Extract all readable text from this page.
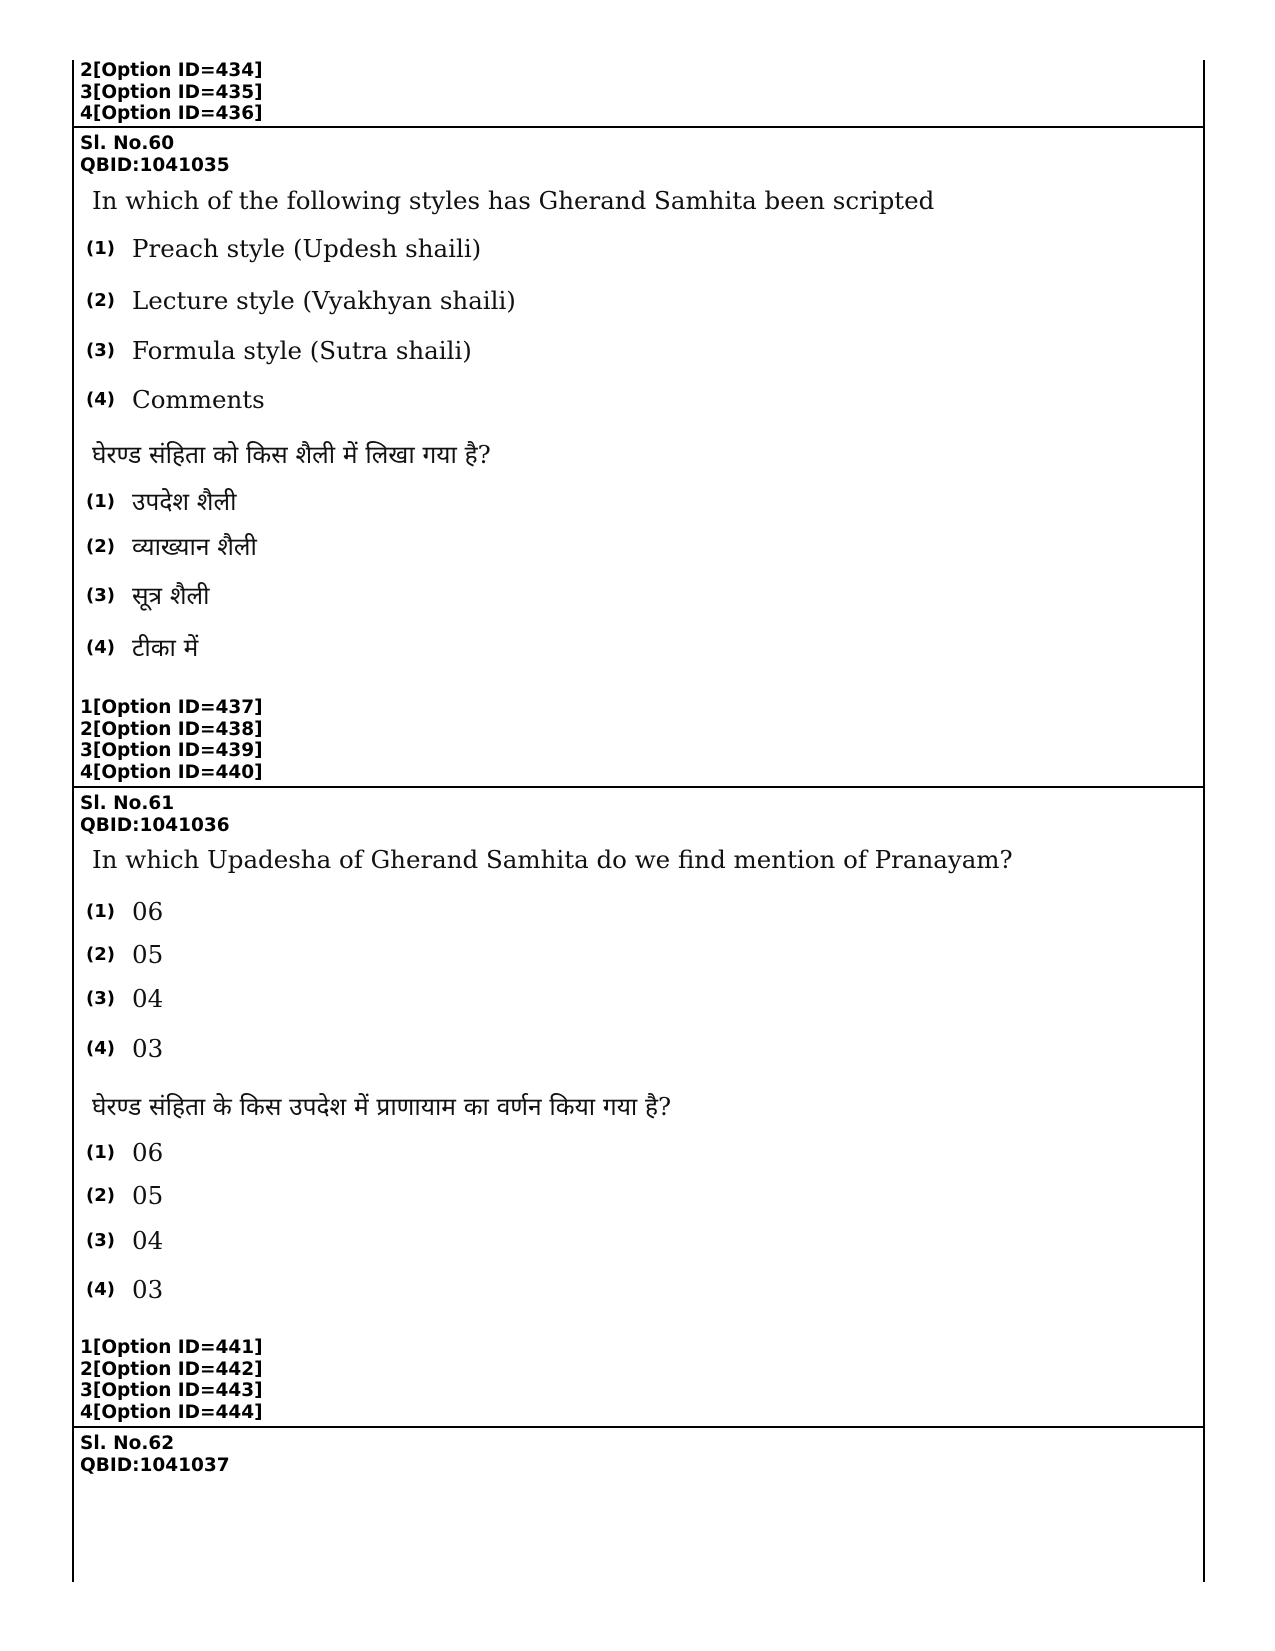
2[Option ID=434]
3[Option ID=435]
4[Option ID=436]
Sl. No.60
QBID:1041035
In which of the following styles has Gherand Samhita been scripted
(1) Preach style (Updesh shaili)
(2) Lecture style (Vyakhyan shaili)
(3) Formula style (Sutra shaili)
(4) Comments
घेरण्ड संहिता को किस शैली में लिखा गया है?
(1) उपदेश शैली
(2) व्याख्यान शैली
(3) सूत्र शैली
(4) टीका में
1[Option ID=437]
2[Option ID=438]
3[Option ID=439]
4[Option ID=440]
Sl. No.61
QBID:1041036
In which Upadesha of Gherand Samhita do we find mention of Pranayam?
(1) 06
(2) 05
(3) 04
(4) 03
घेरण्ड संहिता के किस उपदेश में प्राणायाम का वर्णन किया गया है?
(1) 06
(2) 05
(3) 04
(4) 03
1[Option ID=441]
2[Option ID=442]
3[Option ID=443]
4[Option ID=444]
Sl. No.62
QBID:1041037
